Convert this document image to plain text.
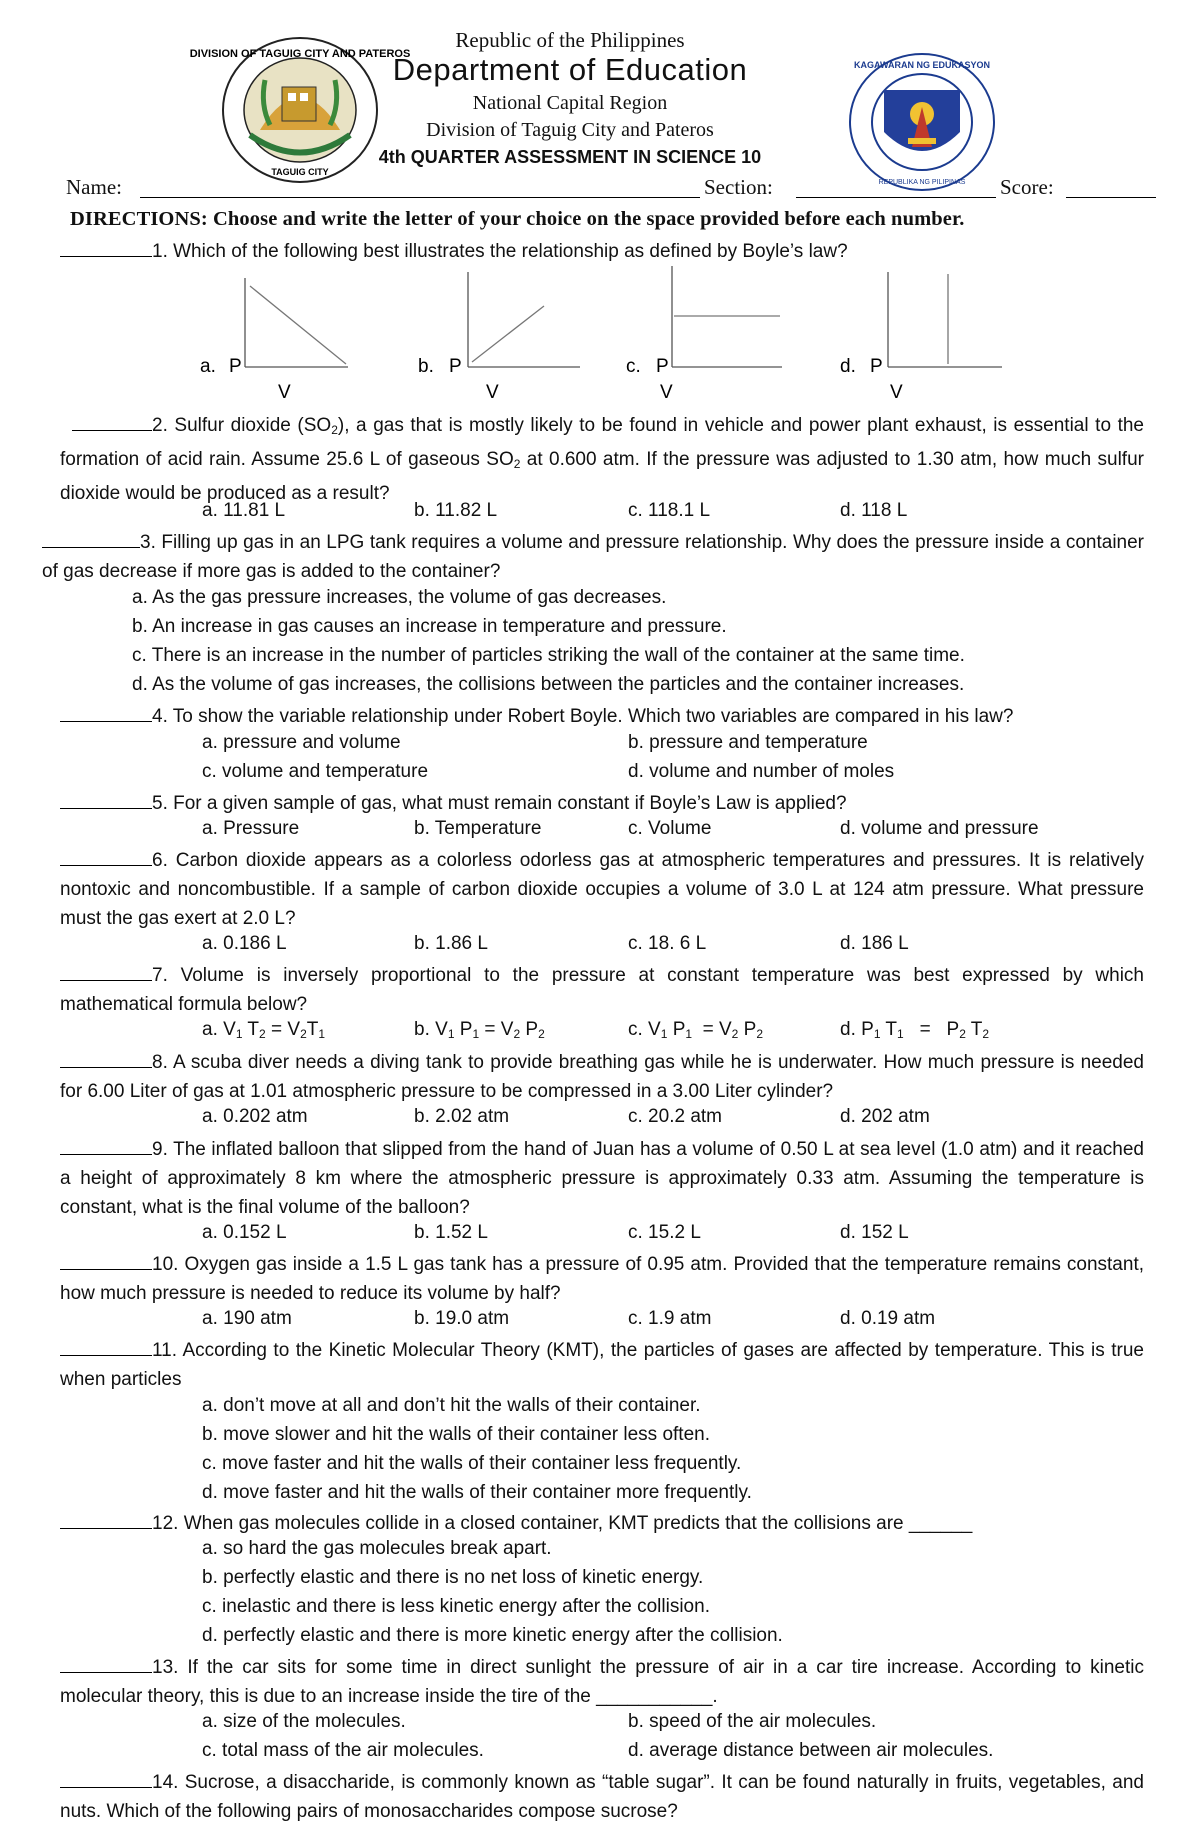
DIVISION OF TAGUIG CITY AND PATEROS
TAGUIG CITY
KAGAWARAN NG EDUKASYON
REPUBLIKA NG PILIPINAS
Republic of the Philippines
Department of Education
National Capital Region
Division of Taguig City and Pateros
4th QUARTER ASSESSMENT IN SCIENCE 10
Name:	Section:	Score:
DIRECTIONS: Choose and write the letter of your choice on the space provided before each number.
1. Which of the following best illustrates the relationship as defined by Boyle’s law?
a. P
V
b. P
V
c. P
V
d. P
V
2. Sulfur dioxide $(SO_2)$, a gas that is mostly likely to be found in vehicle and power plant exhaust, is essential to the formation of acid rain. Assume 25.6 L of gaseous $SO_2$ at 0.600 atm. If the pressure was adjusted to 1.30 atm, how much sulfur dioxide would be produced as a result?
a. 11.81 L	b. 11.82 L	c. 118.1 L	d. 118 L
3. Filling up gas in an LPG tank requires a volume and pressure relationship. Why does the pressure inside a container of gas decrease if more gas is added to the container?
a. As the gas pressure increases, the volume of gas decreases.
b. An increase in gas causes an increase in temperature and pressure.
c. There is an increase in the number of particles striking the wall of the container at the same time.
d. As the volume of gas increases, the collisions between the particles and the container increases.
4. To show the variable relationship under Robert Boyle. Which two variables are compared in his law?
a. pressure and volume	b. pressure and temperature
c. volume and temperature	d. volume and number of moles
5. For a given sample of gas, what must remain constant if Boyle’s Law is applied?
a. Pressure	b. Temperature	c. Volume	d. volume and pressure
6. Carbon dioxide appears as a colorless odorless gas at atmospheric temperatures and pressures. It is relatively nontoxic and noncombustible. If a sample of carbon dioxide occupies a volume of 3.0 L at 124 atm pressure. What pressure must the gas exert at 2.0 L?
a. 0.186 L	b. 1.86 L	c. 18. 6 L	d. 186 L
7. Volume is inversely proportional to the pressure at constant temperature was best expressed by which mathematical formula below?
a. $V_1$ $T_2 = V_2T_1$	b. $V_1$ $P_1 = V_2$ $P_2$	c. $V_1$ $P_1 = V_2$ $P_2$	d. $P_1$ $T_1 = P_2$ $T_2$
8. A scuba diver needs a diving tank to provide breathing gas while he is underwater. How much pressure is needed for 6.00 Liter of gas at 1.01 atmospheric pressure to be compressed in a 3.00 Liter cylinder?
a. 0.202 atm	b. 2.02 atm	c. 20.2 atm	d. 202 atm
9. The inflated balloon that slipped from the hand of Juan has a volume of 0.50 L at sea level (1.0 atm) and it reached a height of approximately 8 km where the atmospheric pressure is approximately 0.33 atm. Assuming the temperature is constant, what is the final volume of the balloon?
a. 0.152 L	b. 1.52 L	c. 15.2 L	d. 152 L
10. Oxygen gas inside a 1.5 L gas tank has a pressure of 0.95 atm. Provided that the temperature remains constant, how much pressure is needed to reduce its volume by half?
a. 190 atm	b. 19.0 atm	c. 1.9 atm	d. 0.19 atm
11. According to the Kinetic Molecular Theory (KMT), the particles of gases are affected by temperature. This is true when particles
a. don’t move at all and don’t hit the walls of their container.
b. move slower and hit the walls of their container less often.
c. move faster and hit the walls of their container less frequently.
d. move faster and hit the walls of their container more frequently.
12. When gas molecules collide in a closed container, KMT predicts that the collisions are ______
a. so hard the gas molecules break apart.
b. perfectly elastic and there is no net loss of kinetic energy.
c. inelastic and there is less kinetic energy after the collision.
d. perfectly elastic and there is more kinetic energy after the collision.
13. If the car sits for some time in direct sunlight the pressure of air in a car tire increase. According to kinetic molecular theory, this is due to an increase inside the tire of the ___________.
a. size of the molecules.	b. speed of the air molecules.
c. total mass of the air molecules.	d. average distance between air molecules.
14. Sucrose, a disaccharide, is commonly known as “table sugar”. It can be found naturally in fruits, vegetables, and nuts. Which of the following pairs of monosaccharides compose sucrose?
